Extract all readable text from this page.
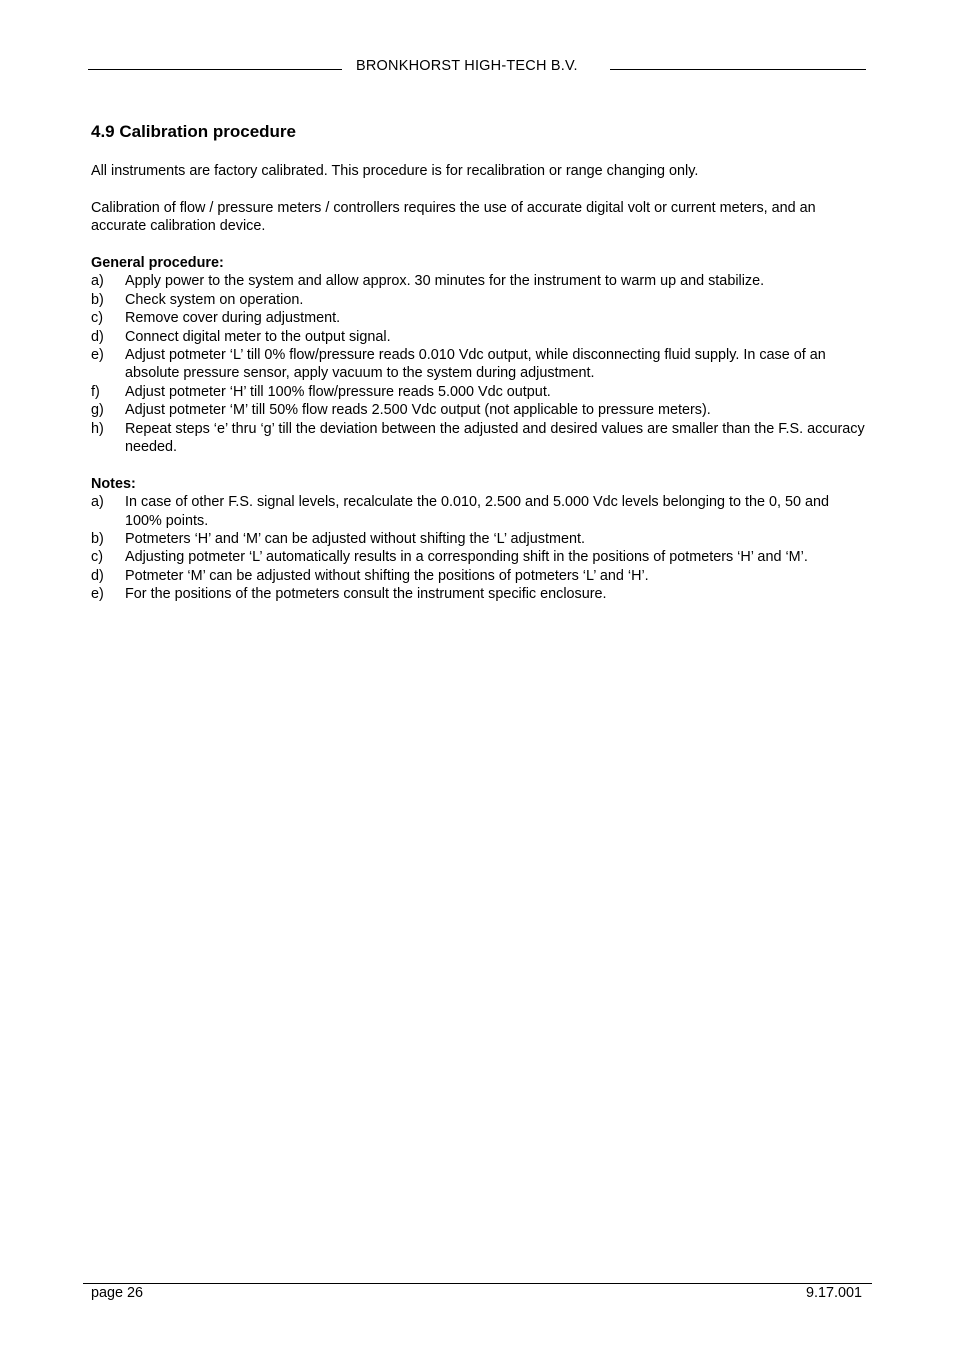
BRONKHORST HIGH-TECH B.V.
4.9 Calibration procedure

All instruments are factory calibrated. This procedure is for recalibration or range changing only.

Calibration of flow / pressure meters / controllers requires the use of accurate digital volt or current meters, and an accurate calibration device.

General procedure:
a)	Apply power to the system and allow approx. 30 minutes for the instrument to warm up and stabilize.
b)	Check system on operation.
c)	Remove cover during adjustment.
d)	Connect digital meter to the output signal.
e)	Adjust potmeter ‘L’ till 0% flow/pressure reads 0.010 Vdc output, while disconnecting fluid supply. In case of an absolute pressure sensor, apply vacuum to the system during adjustment.
f)	Adjust potmeter ‘H’ till 100% flow/pressure reads 5.000 Vdc output.
g)	Adjust potmeter ‘M’ till 50% flow reads 2.500 Vdc output (not applicable to pressure meters).
h)	Repeat steps ‘e’ thru ‘g’ till the deviation between the adjusted and desired values are smaller than the F.S. accuracy needed.
Notes:
a)	In case of other F.S. signal levels, recalculate the 0.010, 2.500 and 5.000 Vdc levels belonging to the 0, 50 and 100% points.
b)	Potmeters ‘H’ and ‘M’ can be adjusted without shifting the ‘L’ adjustment.
c)	Adjusting potmeter ‘L’ automatically results in a corresponding shift in the positions of potmeters ‘H’ and ‘M’.
d)	Potmeter ‘M’ can be adjusted without shifting the positions of potmeters ‘L’ and ‘H’.
e)	For the positions of the potmeters consult the instrument specific enclosure.
page 26	9.17.001
